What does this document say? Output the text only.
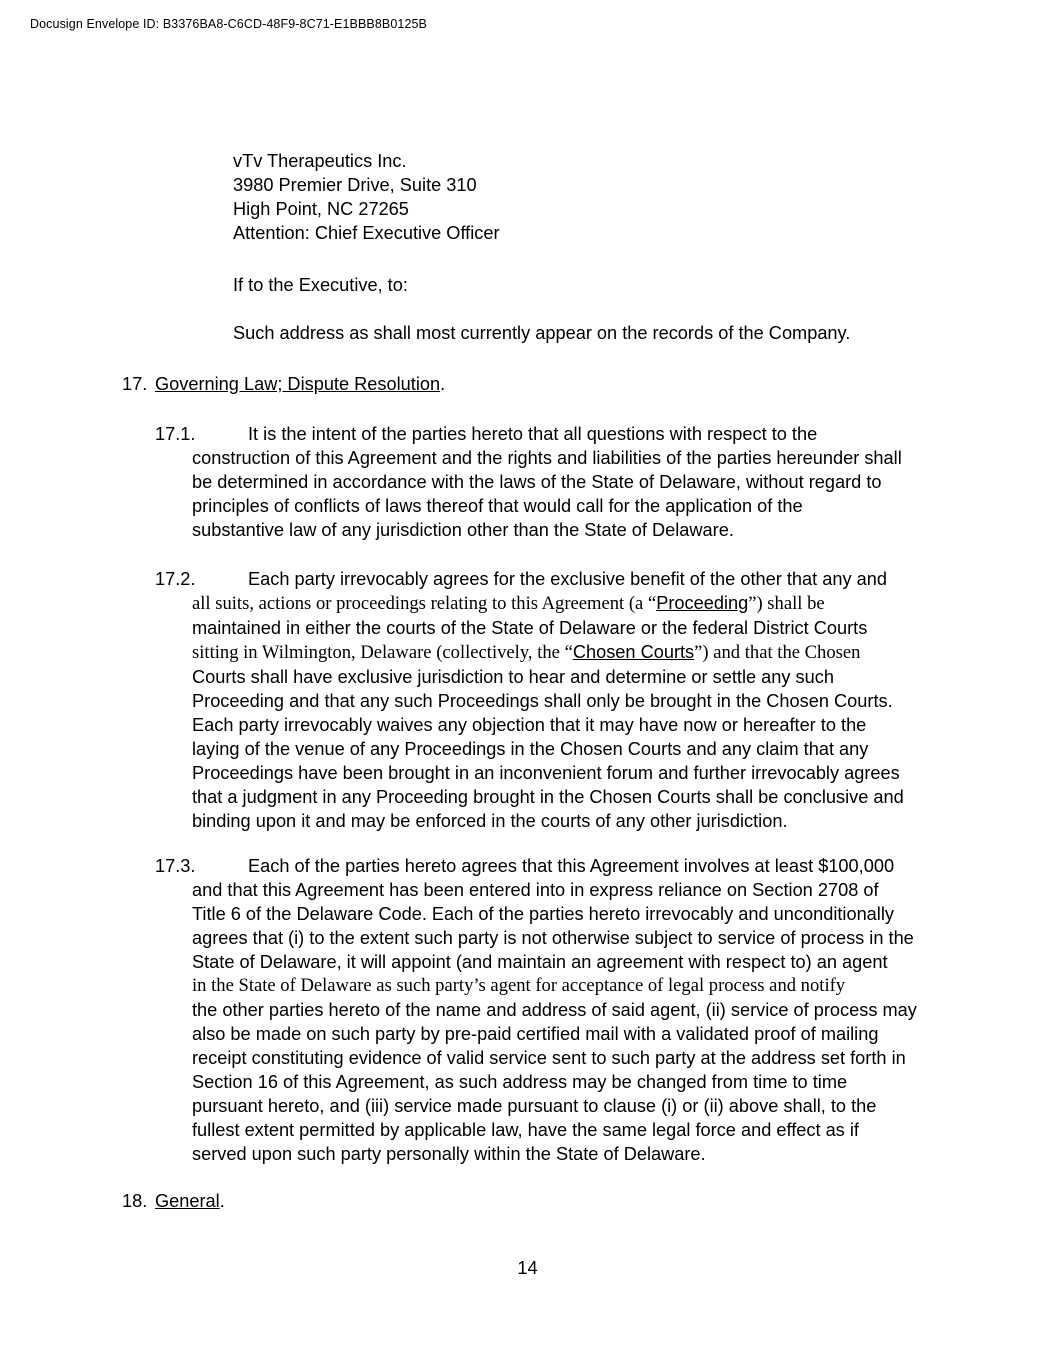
Docusign Envelope ID: B3376BA8-C6CD-48F9-8C71-E1BBB8B0125B
vTv Therapeutics Inc.
3980 Premier Drive, Suite 310
High Point, NC 27265
Attention: Chief Executive Officer
If to the Executive, to:
Such address as shall most currently appear on the records of the Company.
17. Governing Law; Dispute Resolution.
17.1.	It is the intent of the parties hereto that all questions with respect to the
construction of this Agreement and the rights and liabilities of the parties hereunder shall
be determined in accordance with the laws of the State of Delaware, without regard to
principles of conflicts of laws thereof that would call for the application of the
substantive law of any jurisdiction other than the State of Delaware.
17.2.	Each party irrevocably agrees for the exclusive benefit of the other that any and
all suits, actions or proceedings relating to this Agreement (a “Proceeding”) shall be
maintained in either the courts of the State of Delaware or the federal District Courts
sitting in Wilmington, Delaware (collectively, the “Chosen Courts”) and that the Chosen
Courts shall have exclusive jurisdiction to hear and determine or settle any such
Proceeding and that any such Proceedings shall only be brought in the Chosen Courts.
Each party irrevocably waives any objection that it may have now or hereafter to the
laying of the venue of any Proceedings in the Chosen Courts and any claim that any
Proceedings have been brought in an inconvenient forum and further irrevocably agrees
that a judgment in any Proceeding brought in the Chosen Courts shall be conclusive and
binding upon it and may be enforced in the courts of any other jurisdiction.
17.3.	Each of the parties hereto agrees that this Agreement involves at least $100,000
and that this Agreement has been entered into in express reliance on Section 2708 of
Title 6 of the Delaware Code. Each of the parties hereto irrevocably and unconditionally
agrees that (i) to the extent such party is not otherwise subject to service of process in the
State of Delaware, it will appoint (and maintain an agreement with respect to) an agent
in the State of Delaware as such party’s agent for acceptance of legal process and notify
the other parties hereto of the name and address of said agent, (ii) service of process may
also be made on such party by pre-paid certified mail with a validated proof of mailing
receipt constituting evidence of valid service sent to such party at the address set forth in
Section 16 of this Agreement, as such address may be changed from time to time
pursuant hereto, and (iii) service made pursuant to clause (i) or (ii) above shall, to the
fullest extent permitted by applicable law, have the same legal force and effect as if
served upon such party personally within the State of Delaware.
18. General.
14
